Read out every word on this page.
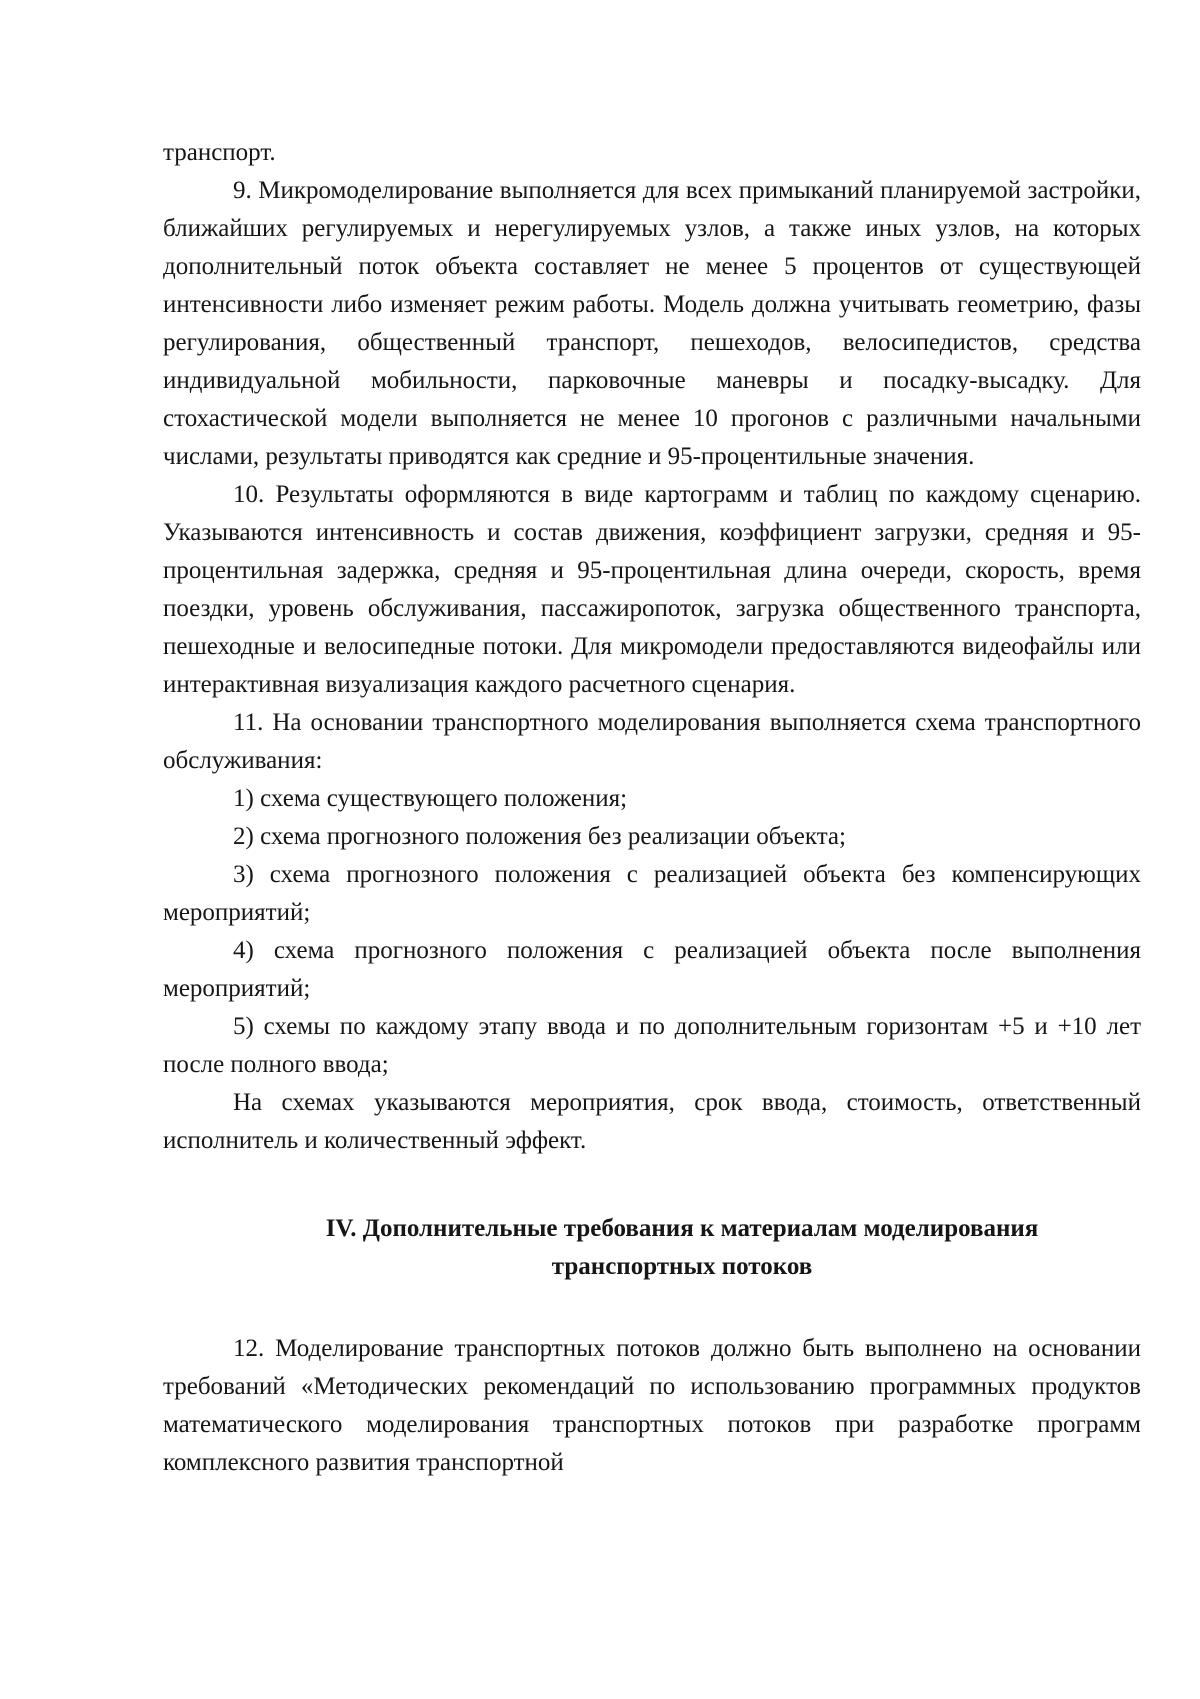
транспорт.

9. Микромоделирование выполняется для всех примыканий планируемой застройки, ближайших регулируемых и нерегулируемых узлов, а также иных узлов, на которых дополнительный поток объекта составляет не менее 5 процентов от существующей интенсивности либо изменяет режим работы. Модель должна учитывать геометрию, фазы регулирования, общественный транспорт, пешеходов, велосипедистов, средства индивидуальной мобильности, парковочные маневры и посадку-высадку. Для стохастической модели выполняется не менее 10 прогонов с различными начальными числами, результаты приводятся как средние и 95-процентильные значения.

10. Результаты оформляются в виде картограмм и таблиц по каждому сценарию. Указываются интенсивность и состав движения, коэффициент загрузки, средняя и 95-процентильная задержка, средняя и 95-процентильная длина очереди, скорость, время поездки, уровень обслуживания, пассажиропоток, загрузка общественного транспорта, пешеходные и велосипедные потоки. Для микромодели предоставляются видеофайлы или интерактивная визуализация каждого расчетного сценария.

11. На основании транспортного моделирования выполняется схема транспортного обслуживания:

1) схема существующего положения;

2) схема прогнозного положения без реализации объекта;

3) схема прогнозного положения с реализацией объекта без компенсирующих мероприятий;

4) схема прогнозного положения с реализацией объекта после выполнения мероприятий;

5) схемы по каждому этапу ввода и по дополнительным горизонтам +5 и +10 лет после полного ввода;

На схемах указываются мероприятия, срок ввода, стоимость, ответственный исполнитель и количественный эффект.

IV. Дополнительные требования к материалам моделирования
транспортных потоков

12. Моделирование транспортных потоков должно быть выполнено на основании требований «Методических рекомендаций по использованию программных продуктов математического моделирования транспортных потоков при разработке программ комплексного развития транспортной
